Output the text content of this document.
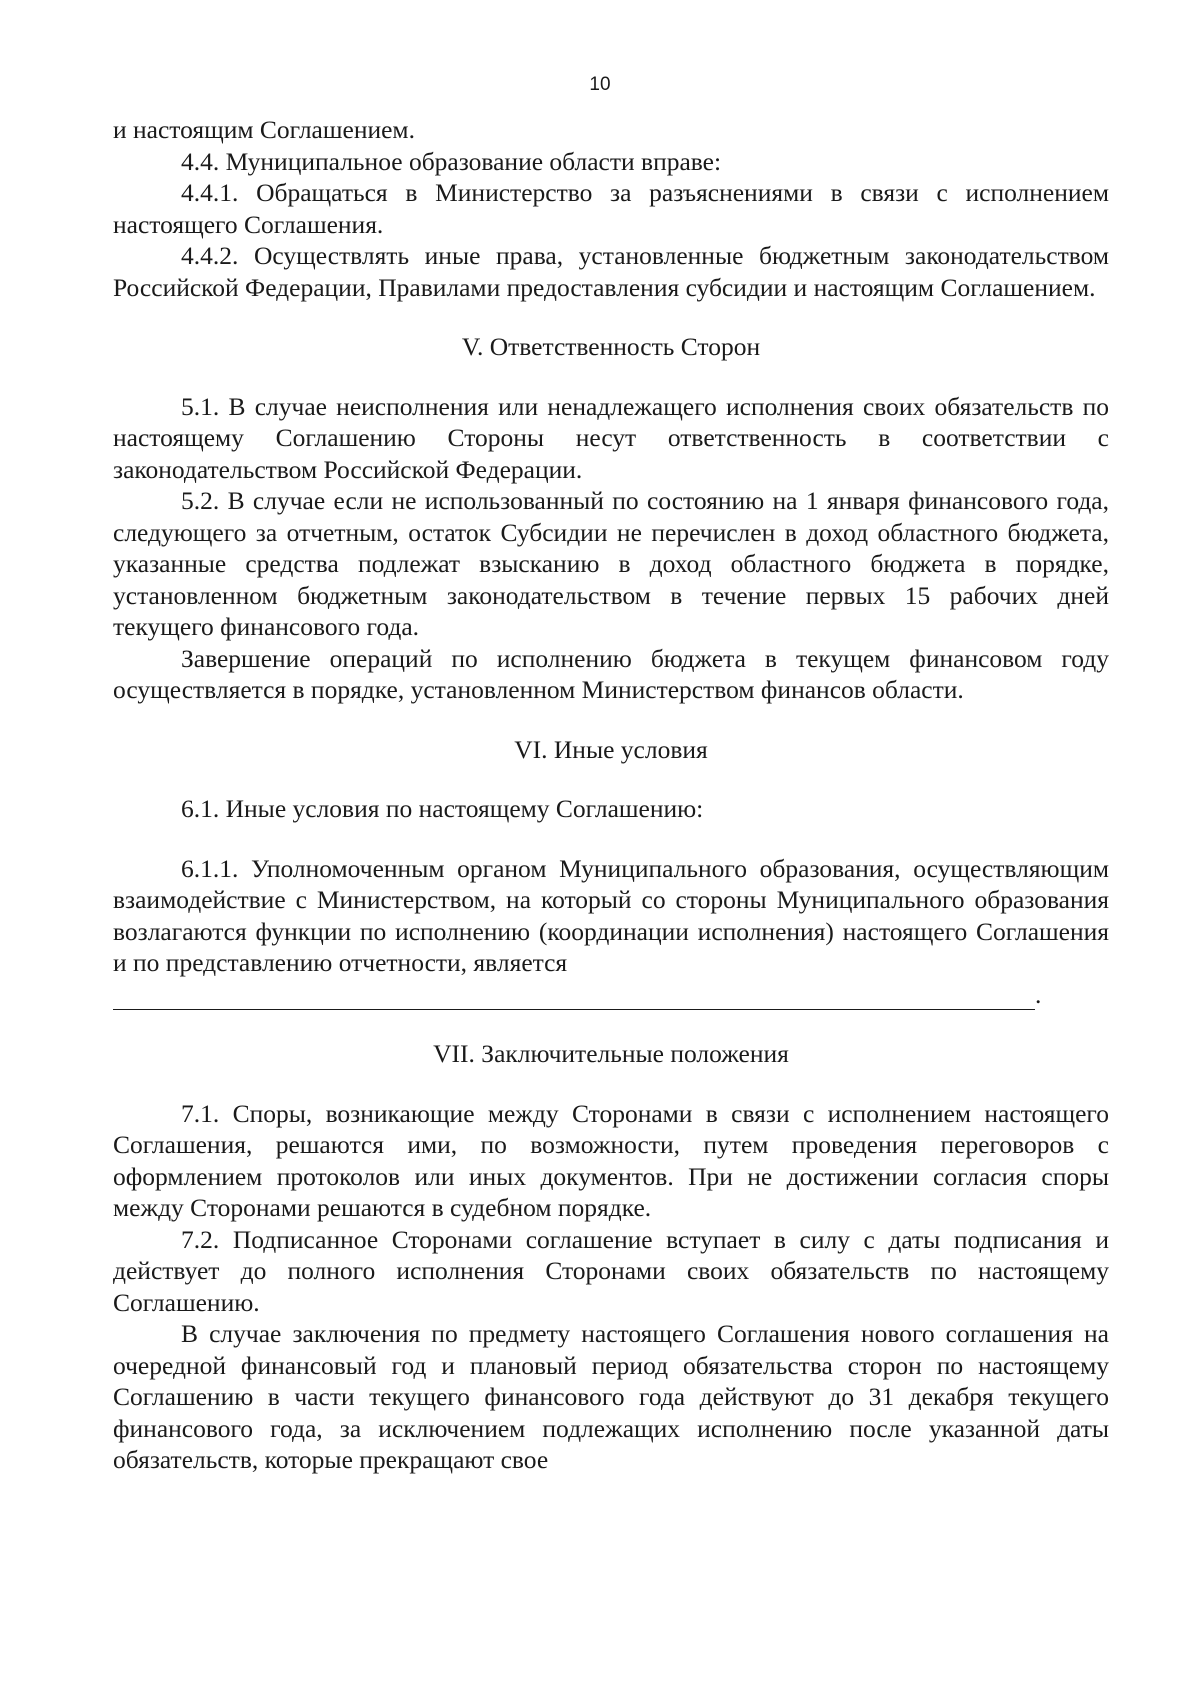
10

и настоящим Соглашением.

4.4. Муниципальное образование области вправе:

4.4.1. Обращаться в Министерство за разъяснениями в связи с исполнением настоящего Соглашения.

4.4.2. Осуществлять иные права, установленные бюджетным законодательством Российской Федерации, Правилами предоставления субсидии и настоящим Соглашением.

V. Ответственность Сторон

5.1. В случае неисполнения или ненадлежащего исполнения своих обязательств по настоящему Соглашению Стороны несут ответственность в соответствии с законодательством Российской Федерации.

5.2. В случае если не использованный по состоянию на 1 января финансового года, следующего за отчетным, остаток Субсидии не перечислен в доход областного бюджета, указанные средства подлежат взысканию в доход областного бюджета в порядке, установленном бюджетным законодательством в течение первых 15 рабочих дней текущего финансового года.

Завершение операций по исполнению бюджета в текущем финансовом году осуществляется в порядке, установленном Министерством финансов области.

VI. Иные условия

6.1. Иные условия по настоящему Соглашению:

6.1.1. Уполномоченным органом Муниципального образования, осуществляющим взаимодействие с Министерством, на который со стороны Муниципального образования возлагаются функции по исполнению (координации исполнения) настоящего Соглашения и по представлению отчетности, является

.

VII. Заключительные положения

7.1. Споры, возникающие между Сторонами в связи с исполнением настоящего Соглашения, решаются ими, по возможности, путем проведения переговоров с оформлением протоколов или иных документов. При не достижении согласия споры между Сторонами решаются в судебном порядке.

7.2. Подписанное Сторонами соглашение вступает в силу с даты подписания и действует до полного исполнения Сторонами своих обязательств по настоящему Соглашению.

В случае заключения по предмету настоящего Соглашения нового соглашения на очередной финансовый год и плановый период обязательства сторон по настоящему Соглашению в части текущего финансового года действуют до 31 декабря текущего финансового года, за исключением подлежащих исполнению после указанной даты обязательств, которые прекращают свое
